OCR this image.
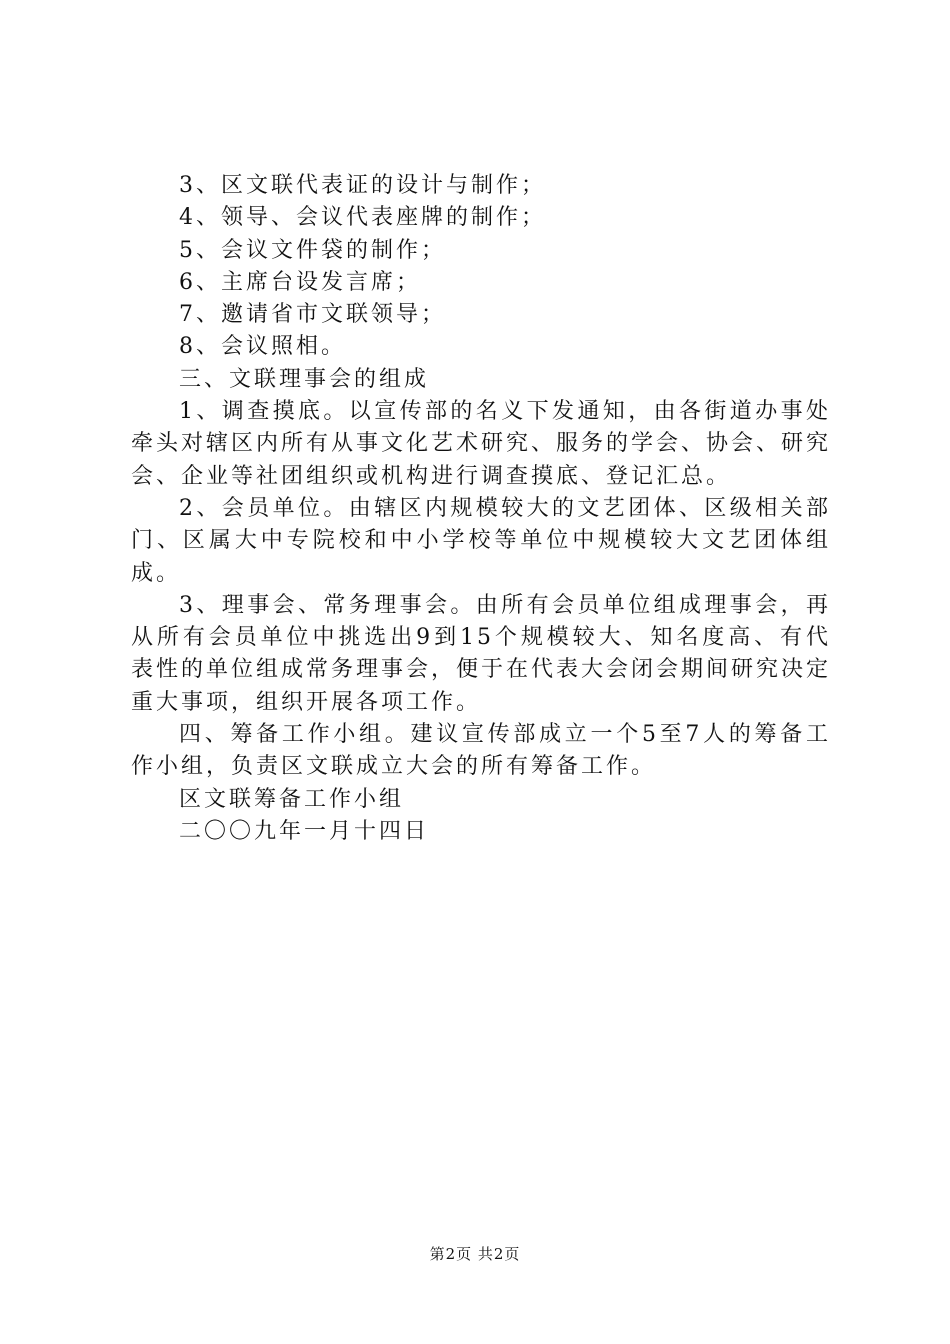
3、区文联代表证的设计与制作；

4、领导、会议代表座牌的制作；

5、会议文件袋的制作；

6、主席台设发言席；

7、邀请省市文联领导；

8、会议照相。

三、文联理事会的组成

1、调查摸底。以宣传部的名义下发通知，由各街道办事处牵头对辖区内所有从事文化艺术研究、服务的学会、协会、研究会、企业等社团组织或机构进行调查摸底、登记汇总。

2、会员单位。由辖区内规模较大的文艺团体、区级相关部门、区属大中专院校和中小学校等单位中规模较大文艺团体组成。

3、理事会、常务理事会。由所有会员单位组成理事会，再从所有会员单位中挑选出9到15个规模较大、知名度高、有代表性的单位组成常务理事会，便于在代表大会闭会期间研究决定重大事项，组织开展各项工作。

四、筹备工作小组。建议宣传部成立一个5至7人的筹备工作小组，负责区文联成立大会的所有筹备工作。

区文联筹备工作小组

二〇〇九年一月十四日

第2页 共2页
